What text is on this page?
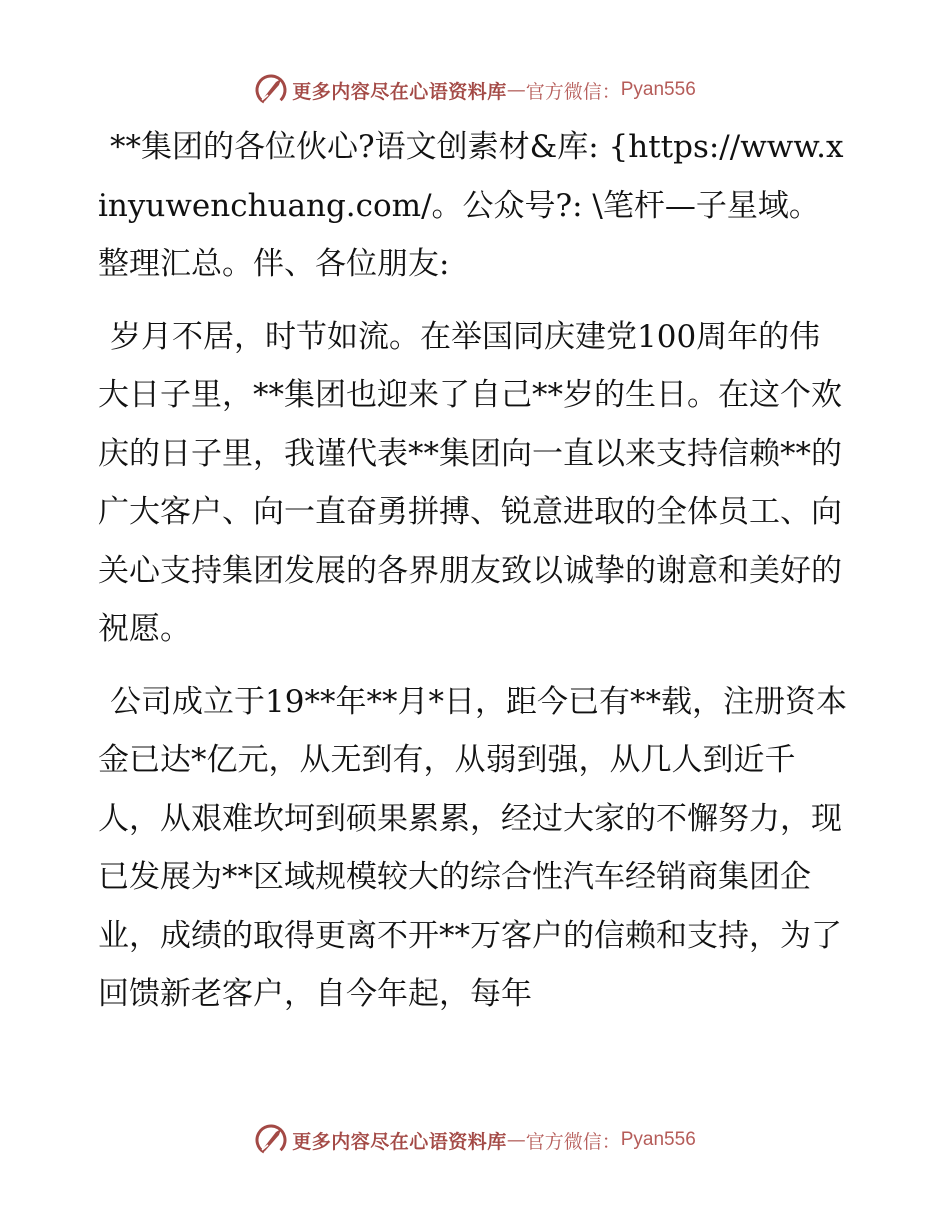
更多内容尽在心语资料库 — 官方微信： Pyan556

**集团的各位伙心?语文创素材&库: {https://www.xinyuwenchuang.com/。公众号?: \笔杆—子星域。整理汇总。伴、各位朋友:

岁月不居，时节如流。在举国同庆建党100周年的伟大日子里，**集团也迎来了自己**岁的生日。在这个欢庆的日子里，我谨代表**集团向一直以来支持信赖**的广大客户、向一直奋勇拼搏、锐意进取的全体员工、向关心支持集团发展的各界朋友致以诚挚的谢意和美好的祝愿。

公司成立于19**年**月*日，距今已有**载，注册资本金已达*亿元，从无到有，从弱到强，从几人到近千人，从艰难坎坷到硕果累累，经过大家的不懈努力，现已发展为**区域规模较大的综合性汽车经销商集团企业，成绩的取得更离不开**万客户的信赖和支持，为了回馈新老客户，自今年起，每年

更多内容尽在心语资料库 — 官方微信： Pyan556
